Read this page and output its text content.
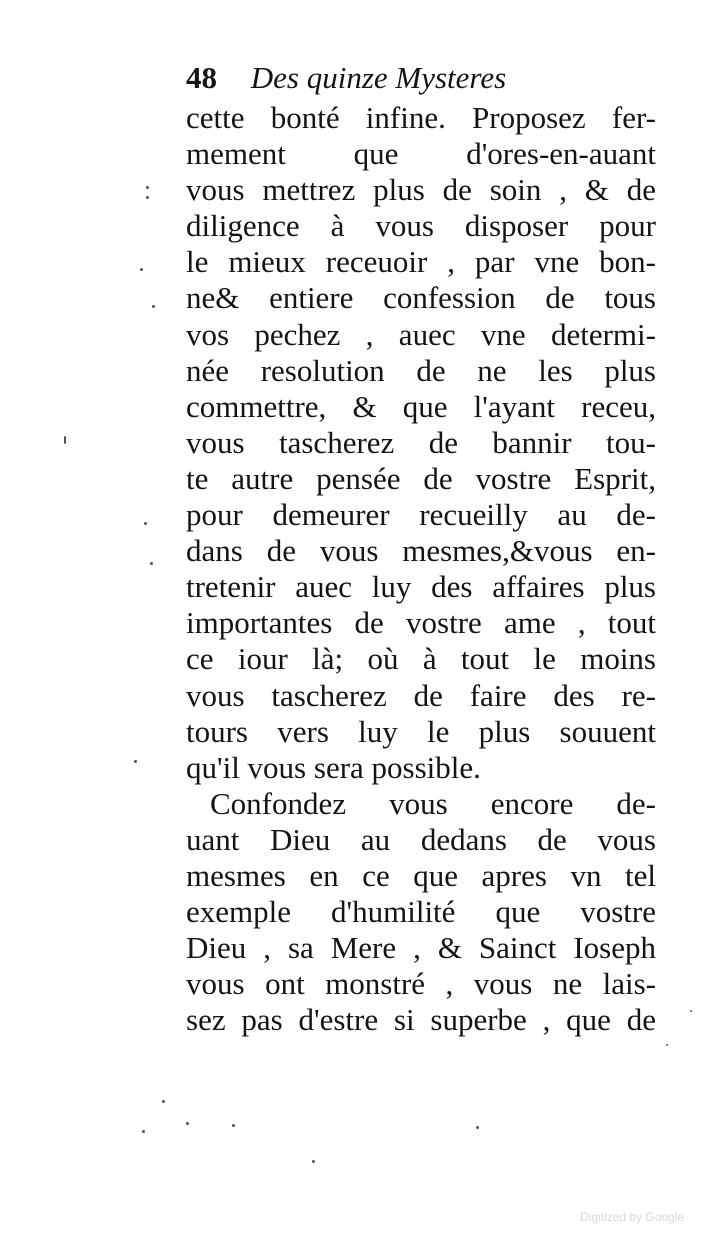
48 Des quinze Mysteres
cette bonté infine. Proposez fer-
mement que d'ores-en-auant
vous mettrez plus de soin , & de
diligence à vous disposer pour
le mieux receuoir , par vne bon-
ne& entiere confession de tous
vos pechez , auec vne determi-
née resolution de ne les plus
commettre, & que l'ayant receu,
vous tascherez de bannir tou-
te autre pensée de vostre Esprit,
pour demeurer recueilly au de-
dans de vous mesmes,&vous en-
tretenir auec luy des affaires plus
importantes de vostre ame , tout
ce iour là; où à tout le moins
vous tascherez de faire des re-
tours vers luy le plus souuent
qu'il vous sera possible.
Confondez vous encore de-
uant Dieu au dedans de vous
mesmes en ce que apres vn tel
exemple d'humilité que vostre
Dieu , sa Mere , & Sainct Ioseph
vous ont monstré , vous ne lais-
sez pas d'estre si superbe , que de
Digitized by Google
